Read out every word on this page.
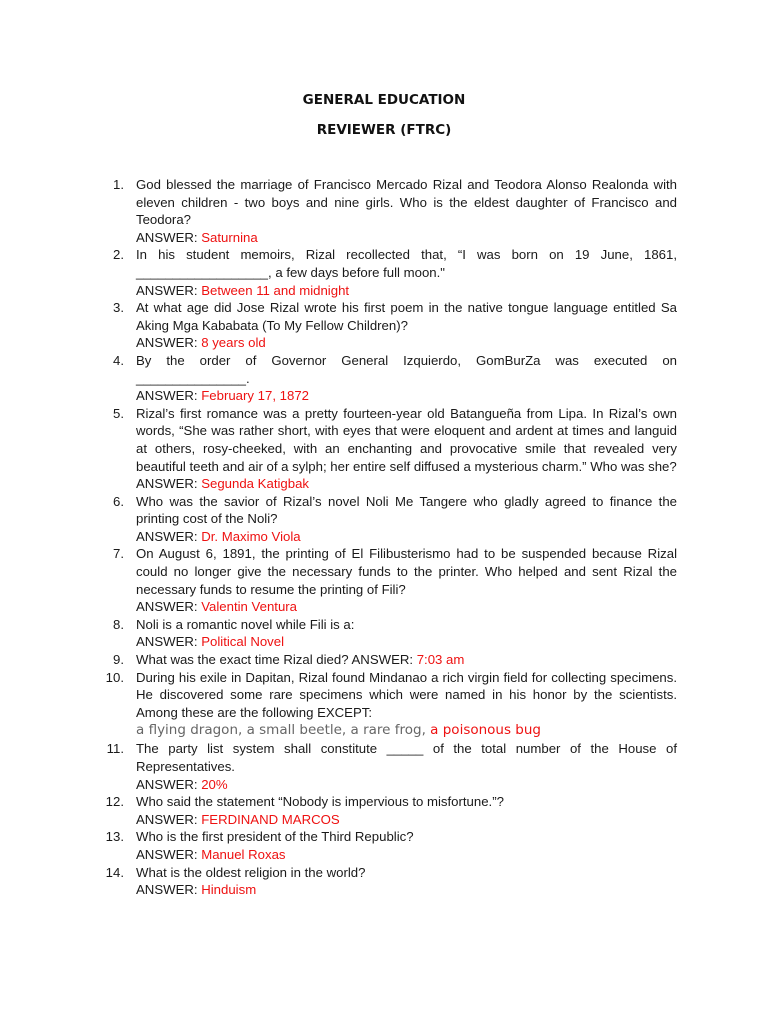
GENERAL EDUCATION
REVIEWER (FTRC)
1. God blessed the marriage of Francisco Mercado Rizal and Teodora Alonso Realonda with eleven children - two boys and nine girls. Who is the eldest daughter of Francisco and Teodora?
ANSWER: Saturnina
2. In his student memoirs, Rizal recollected that, “I was born on 19 June, 1861, __________________, a few days before full moon."
ANSWER: Between 11 and midnight
3. At what age did Jose Rizal wrote his first poem in the native tongue language entitled Sa Aking Mga Kababata (To My Fellow Children)?
ANSWER: 8 years old
4. By the order of Governor General Izquierdo, GomBurZa was executed on _______________.
ANSWER: February 17, 1872
5. Rizal’s first romance was a pretty fourteen-year old Batangueña from Lipa. In Rizal’s own words, “She was rather short, with eyes that were eloquent and ardent at times and languid at others, rosy-cheeked, with an enchanting and provocative smile that revealed very beautiful teeth and air of a sylph; her entire self diffused a mysterious charm.” Who was she?
ANSWER: Segunda Katigbak
6. Who was the savior of Rizal’s novel Noli Me Tangere who gladly agreed to finance the printing cost of the Noli?
ANSWER: Dr. Maximo Viola
7. On August 6, 1891, the printing of El Filibusterismo had to be suspended because Rizal could no longer give the necessary funds to the printer. Who helped and sent Rizal the necessary funds to resume the printing of Fili?
ANSWER: Valentin Ventura
8. Noli is a romantic novel while Fili is a:
ANSWER: Political Novel
9. What was the exact time Rizal died? ANSWER: 7:03 am
10. During his exile in Dapitan, Rizal found Mindanao a rich virgin field for collecting specimens. He discovered some rare specimens which were named in his honor by the scientists. Among these are the following EXCEPT:
a flying dragon, a small beetle, a rare frog, a poisonous bug
11. The party list system shall constitute _____ of the total number of the House of Representatives.
ANSWER: 20%
12. Who said the statement “Nobody is impervious to misfortune.”?
ANSWER: FERDINAND MARCOS
13. Who is the first president of the Third Republic?
ANSWER: Manuel Roxas
14. What is the oldest religion in the world?
ANSWER: Hinduism
